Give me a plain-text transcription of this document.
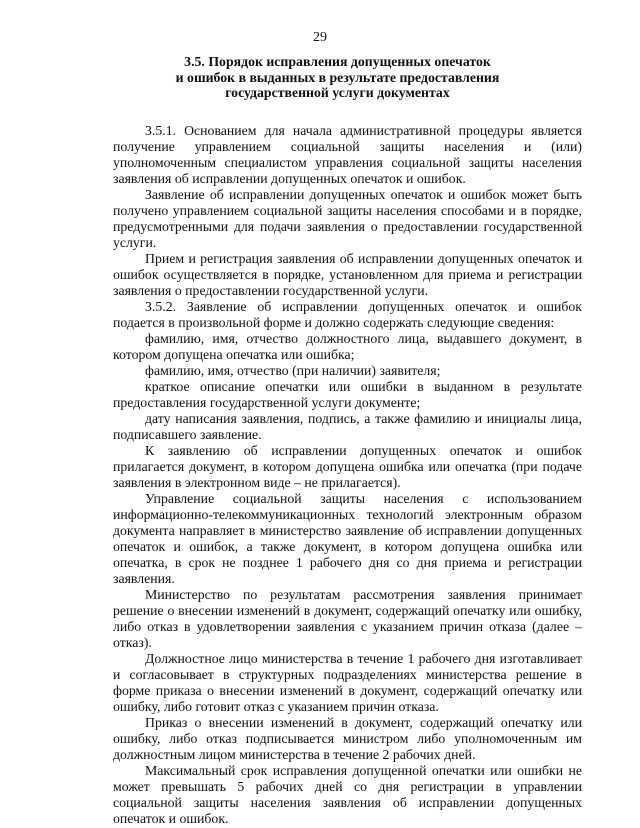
29
3.5. Порядок исправления допущенных опечаток
и ошибок в выданных в результате предоставления
государственной услуги документах

3.5.1. Основанием для начала административной процедуры является получение управлением социальной защиты населения и (или) уполномоченным специалистом управления социальной защиты населения заявления об исправлении допущенных опечаток и ошибок.

Заявление об исправлении допущенных опечаток и ошибок может быть получено управлением социальной защиты населения способами и в порядке, предусмотренными для подачи заявления о предоставлении государственной услуги.

Прием и регистрация заявления об исправлении допущенных опечаток и ошибок осуществляется в порядке, установленном для приема и регистрации заявления о предоставлении государственной услуги.

3.5.2. Заявление об исправлении допущенных опечаток и ошибок подается в произвольной форме и должно содержать следующие сведения:

фамилию, имя, отчество должностного лица, выдавшего документ, в котором допущена опечатка или ошибка;

фамилию, имя, отчество (при наличии) заявителя;

краткое описание опечатки или ошибки в выданном в результате предоставления государственной услуги документе;

дату написания заявления, подпись, а также фамилию и инициалы лица, подписавшего заявление.

К заявлению об исправлении допущенных опечаток и ошибок прилагается документ, в котором допущена ошибка или опечатка (при подаче заявления в электронном виде – не прилагается).

Управление социальной защиты населения с использованием информационно-телекоммуникационных технологий электронным образом документа направляет в министерство заявление об исправлении допущенных опечаток и ошибок, а также документ, в котором допущена ошибка или опечатка, в срок не позднее 1 рабочего дня со дня приема и регистрации заявления.

Министерство по результатам рассмотрения заявления принимает решение о внесении изменений в документ, содержащий опечатку или ошибку, либо отказ в удовлетворении заявления с указанием причин отказа (далее – отказ).

Должностное лицо министерства в течение 1 рабочего дня изготавливает и согласовывает в структурных подразделениях министерства решение в форме приказа о внесении изменений в документ, содержащий опечатку или ошибку, либо готовит отказ с указанием причин отказа.

Приказ о внесении изменений в документ, содержащий опечатку или ошибку, либо отказ подписывается министром либо уполномоченным им должностным лицом министерства в течение 2 рабочих дней.

Максимальный срок исправления допущенной опечатки или ошибки не может превышать 5 рабочих дней со дня регистрации в управлении социальной защиты населения заявления об исправлении допущенных опечаток и ошибок.
